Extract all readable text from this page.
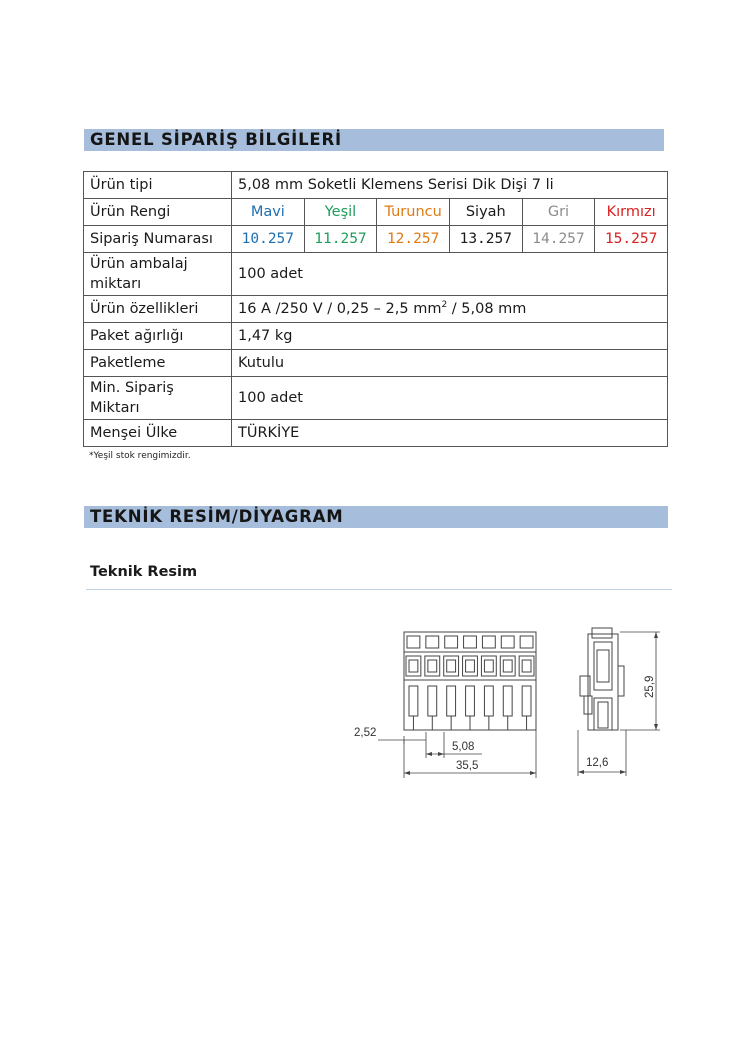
GENEL SİPARİŞ BİLGİLERİ
Ürün tipi	5,08 mm Soketli Klemens Serisi Dik Dişi 7 li					
Ürün Rengi	Mavi	Yeşil	Turuncu	Siyah	Gri	Kırmızı
Sipariş Numarası	10.257	11.257	12.257	13.257	14.257	15.257
Ürün ambalaj miktarı	100 adet					
Ürün özellikleri	16 A /250 V / 0,25 – 2,5 $mm^2 / 5,08$ mm					
Paket ağırlığı	1,47 kg					
Paketleme	Kutulu					
Min. Sipariş Miktarı	100 adet					
Menşei Ülke	TÜRKİYE					
*Yeşil stok rengimizdir.
TEKNİK RESİM/DİYAGRAM
Teknik Resim
2,52
5,08
35,5	12,6
25,9
